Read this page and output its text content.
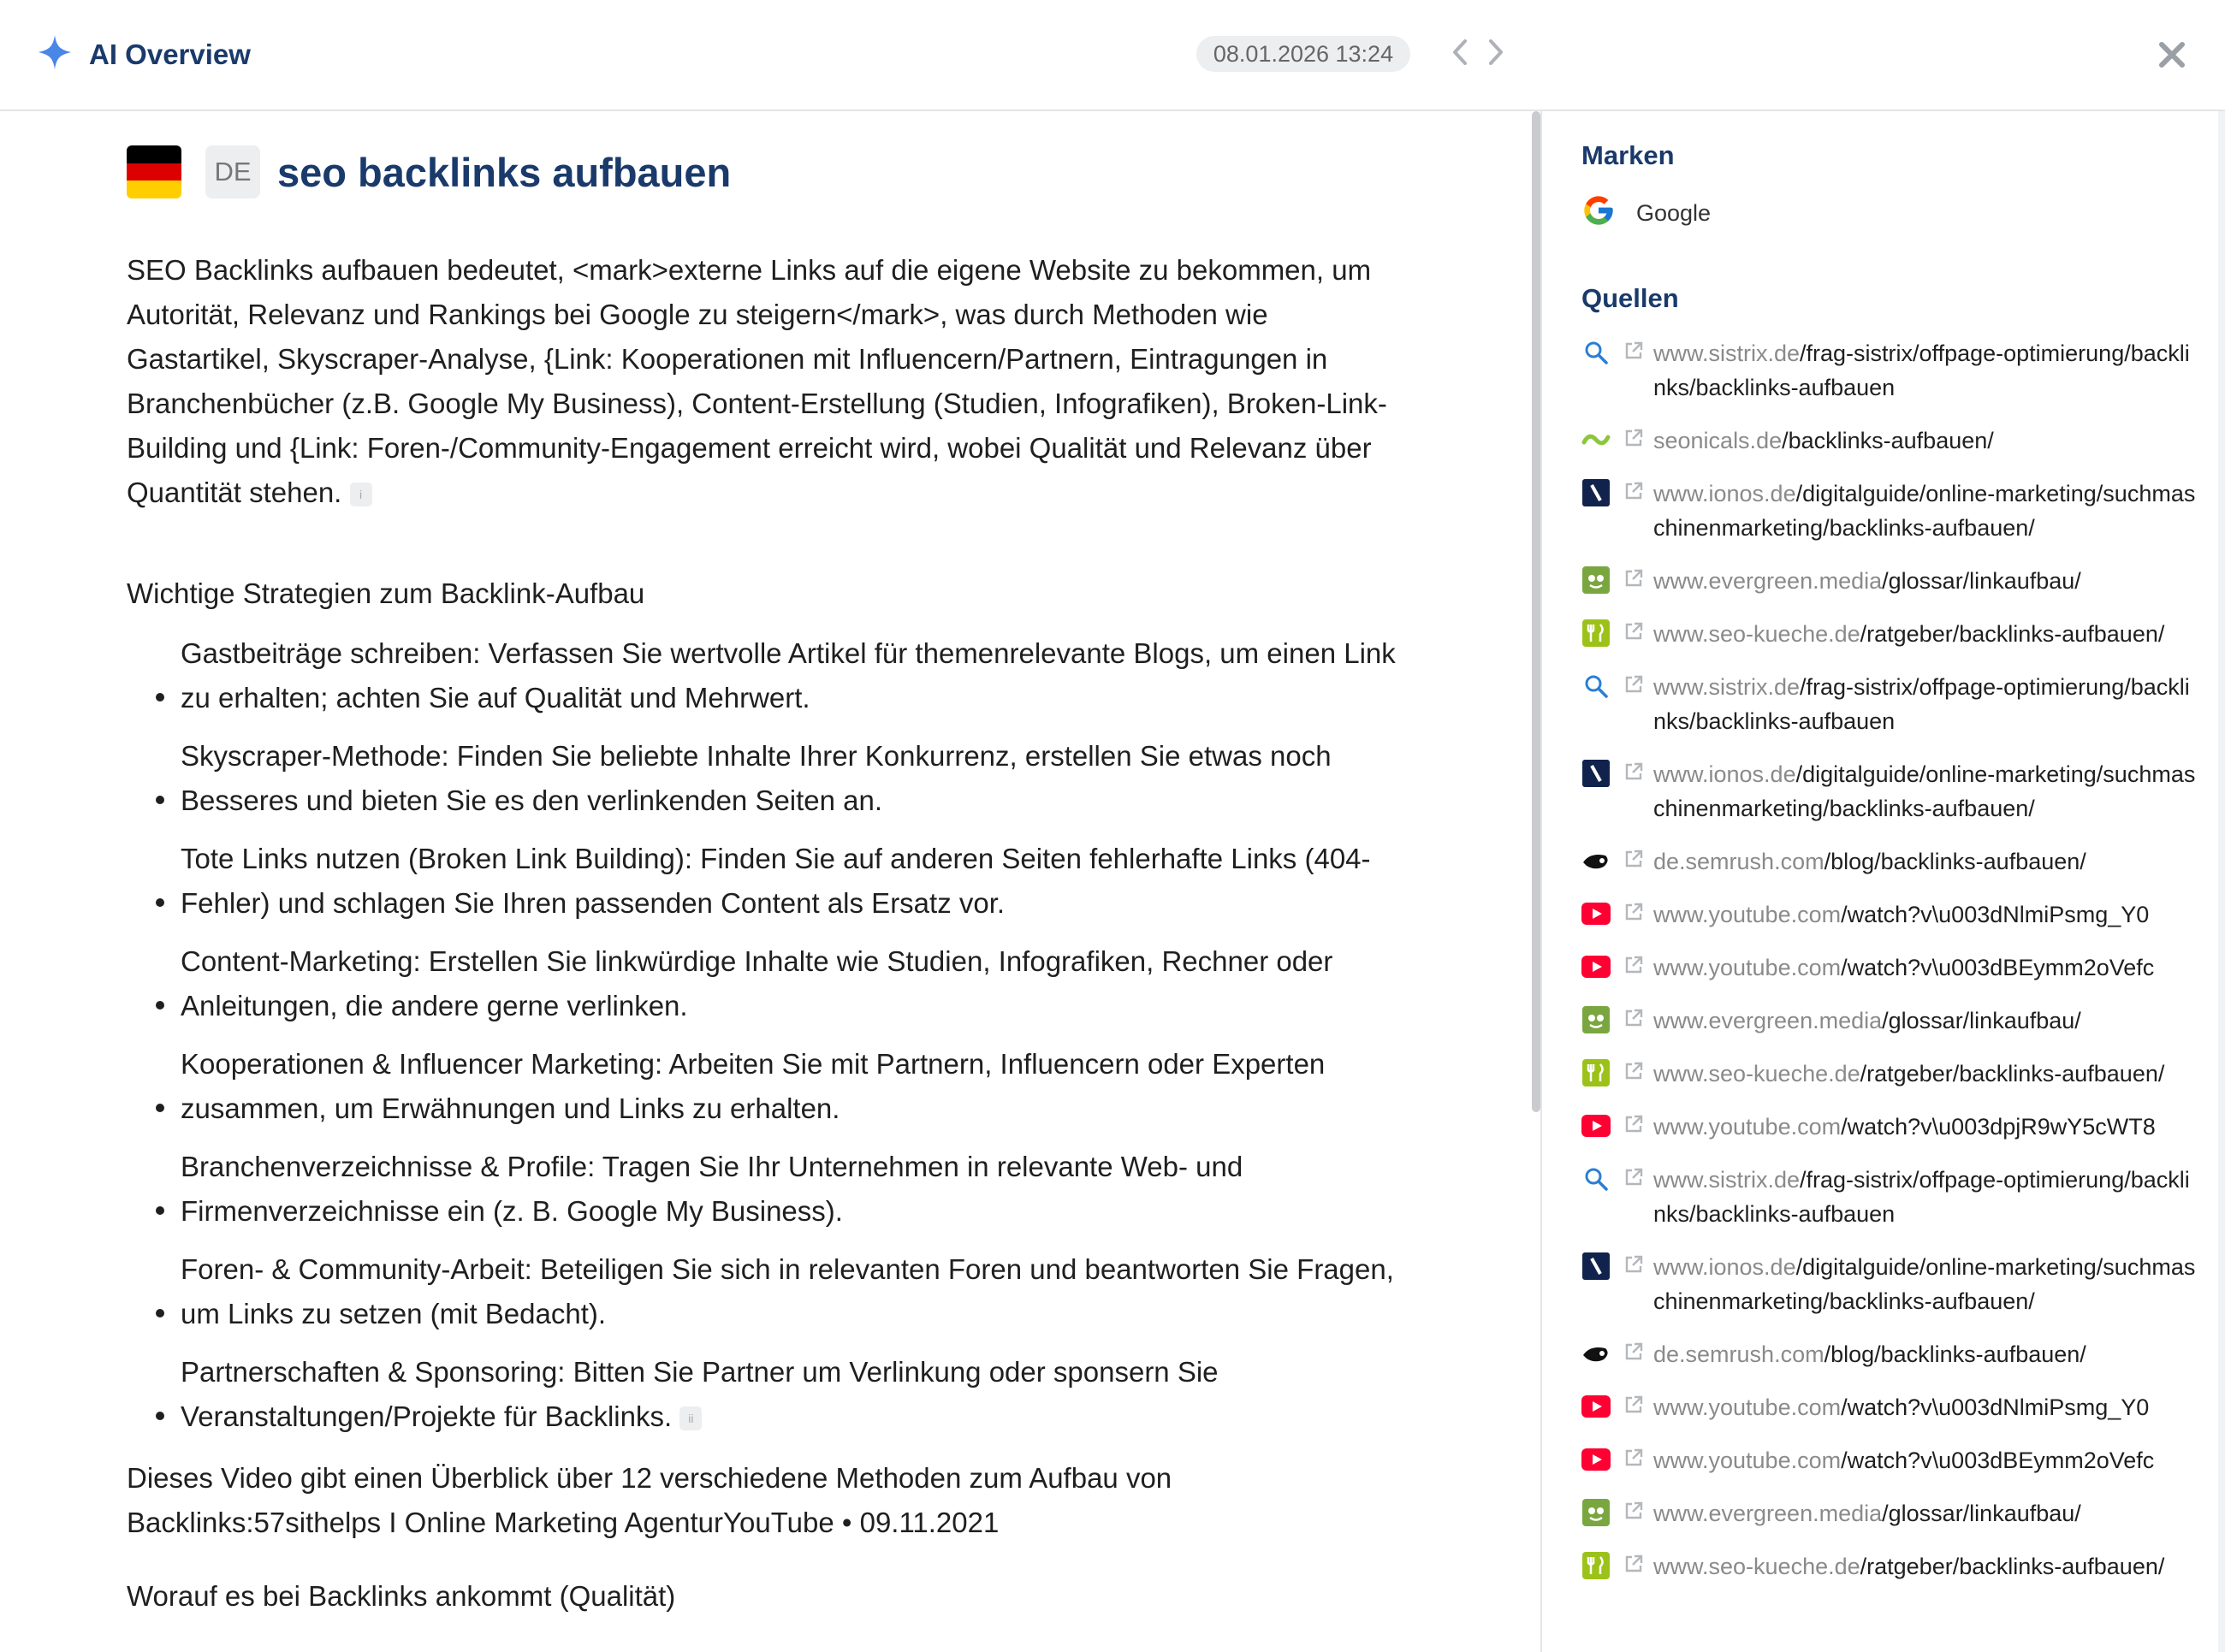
AI Overview	08.01.2026 13:24
DE seo backlinks aufbauen

SEO Backlinks aufbauen bedeutet, <mark>externe Links auf die eigene Website zu bekommen, um Autorität, Relevanz und Rankings bei Google zu steigern</mark>, was durch Methoden wie Gastartikel, Skyscraper-Analyse, {Link: Kooperationen mit Influencern/Partnern, Eintragungen in Branchenbücher (z.B. Google My Business), Content-Erstellung (Studien, Infografiken), Broken-Link-Building und {Link: Foren-/Community-Engagement erreicht wird, wobei Qualität und Relevanz über Quantität stehen. i

Wichtige Strategien zum Backlink-Aufbau

Gastbeiträge schreiben: Verfassen Sie wertvolle Artikel für themenrelevante Blogs, um einen Link zu erhalten; achten Sie auf Qualität und Mehrwert.
Skyscraper-Methode: Finden Sie beliebte Inhalte Ihrer Konkurrenz, erstellen Sie etwas noch Besseres und bieten Sie es den verlinkenden Seiten an.
Tote Links nutzen (Broken Link Building): Finden Sie auf anderen Seiten fehlerhafte Links (404-Fehler) und schlagen Sie Ihren passenden Content als Ersatz vor.
Content-Marketing: Erstellen Sie linkwürdige Inhalte wie Studien, Infografiken, Rechner oder Anleitungen, die andere gerne verlinken.
Kooperationen & Influencer Marketing: Arbeiten Sie mit Partnern, Influencern oder Experten zusammen, um Erwähnungen und Links zu erhalten.
Branchenverzeichnisse & Profile: Tragen Sie Ihr Unternehmen in relevante Web- und Firmenverzeichnisse ein (z. B. Google My Business).
Foren- & Community-Arbeit: Beteiligen Sie sich in relevanten Foren und beantworten Sie Fragen, um Links zu setzen (mit Bedacht).
Partnerschaften & Sponsoring: Bitten Sie Partner um Verlinkung oder sponsern Sie Veranstaltungen/Projekte für Backlinks. ii

Dieses Video gibt einen Überblick über 12 verschiedene Methoden zum Aufbau von Backlinks:57sithelps I Online Marketing AgenturYouTube • 09.11.2021

Worauf es bei Backlinks ankommt (Qualität)

Marken
Google
Quellen
www.sistrix.de/frag-sistrix/offpage-optimierung/backlinks/backlinks-aufbauen
seonicals.de/backlinks-aufbauen/
www.ionos.de/digitalguide/online-marketing/suchmaschinenmarketing/backlinks-aufbauen/
www.evergreen.media/glossar/linkaufbau/
www.seo-kueche.de/ratgeber/backlinks-aufbauen/
www.sistrix.de/frag-sistrix/offpage-optimierung/backlinks/backlinks-aufbauen
www.ionos.de/digitalguide/online-marketing/suchmaschinenmarketing/backlinks-aufbauen/
de.semrush.com/blog/backlinks-aufbauen/
www.youtube.com/watch?v\u003dNlmiPsmg_Y0
www.youtube.com/watch?v\u003dBEymm2oVefc
www.evergreen.media/glossar/linkaufbau/
www.seo-kueche.de/ratgeber/backlinks-aufbauen/
www.youtube.com/watch?v\u003dpjR9wY5cWT8
www.sistrix.de/frag-sistrix/offpage-optimierung/backlinks/backlinks-aufbauen
www.ionos.de/digitalguide/online-marketing/suchmaschinenmarketing/backlinks-aufbauen/
de.semrush.com/blog/backlinks-aufbauen/
www.youtube.com/watch?v\u003dNlmiPsmg_Y0
www.youtube.com/watch?v\u003dBEymm2oVefc
www.evergreen.media/glossar/linkaufbau/
www.seo-kueche.de/ratgeber/backlinks-aufbauen/
